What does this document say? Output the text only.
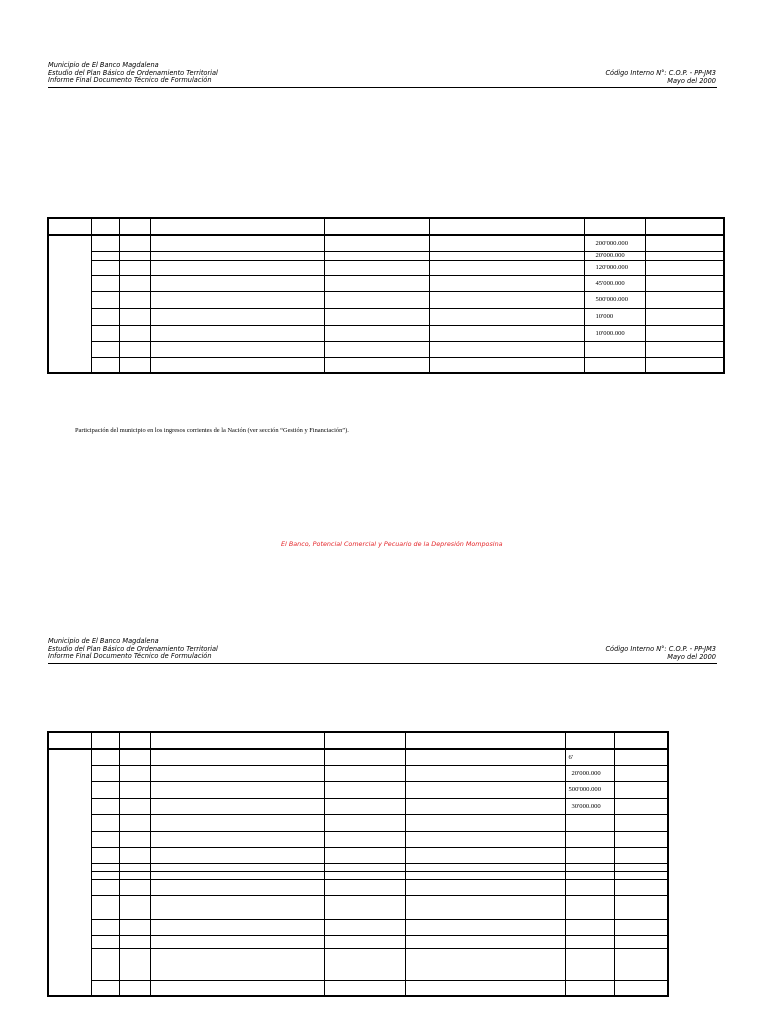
Municipio de El Banco Magdalena
Estudio del Plan Básico de Ordenamiento Territorial
Informe Final Documento Técnico de Formulación
Código Interno N°: C.O.P. - PP-JM3
Mayo del 2000

						200'000.000	
						20'000.000	
						120'000.000	
						45'000.000	
						500'000.000	
						10'000	
						10'000.000	

Participación del municipio en los ingresos corrientes de la Nación (ver sección “Gestión y Financiación”).
El Banco, Potencial Comercial y Pecuario de la Depresión Momposina
Municipio de El Banco Magdalena
Estudio del Plan Básico de Ordenamiento Territorial
Informe Final Documento Técnico de Formulación
Código Interno N°: C.O.P. - PP-JM3
Mayo del 2000

						6'	
						20'000.000	
						500'000.000	
						30'000.000	
